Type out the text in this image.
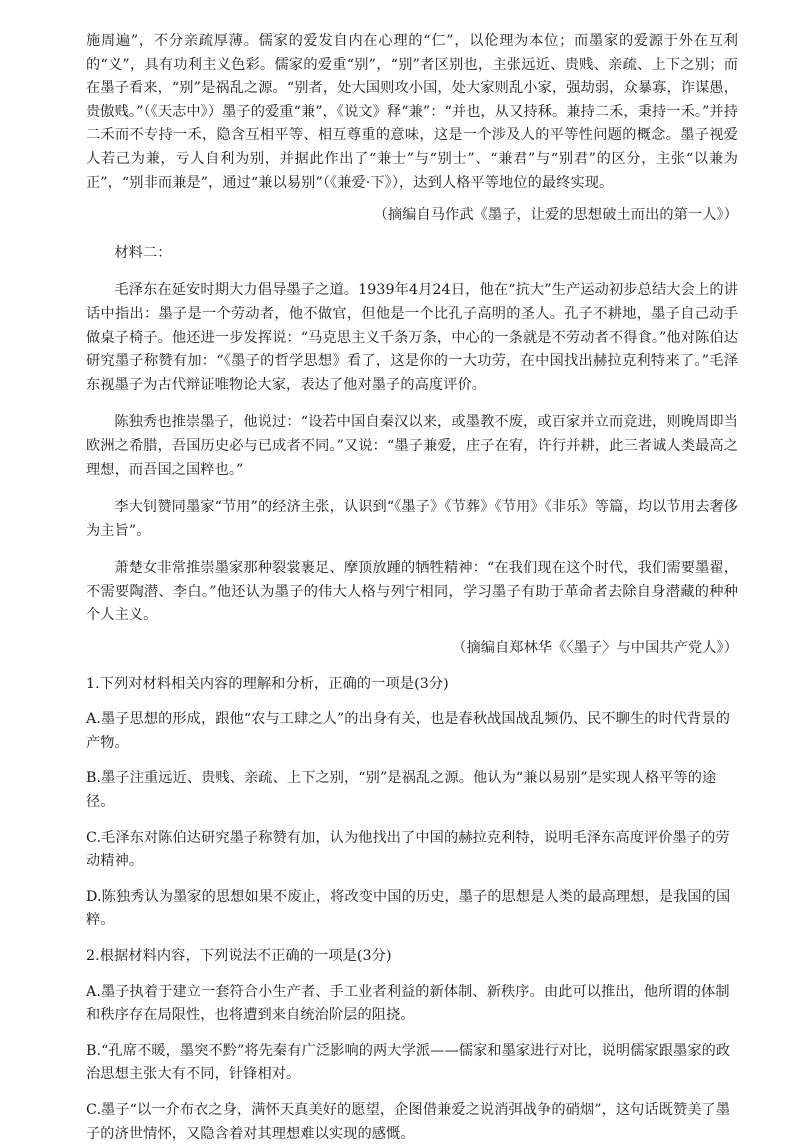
施周遍”，不分亲疏厚薄。儒家的爱发自内在心理的“仁”，以伦理为本位；而墨家的爱源于外在互利的“义”，具有功利主义色彩。儒家的爱重“别”，“别”者区别也，主张远近、贵贱、亲疏、上下之别；而在墨子看来，“别”是祸乱之源。“别者，处大国则攻小国，处大家则乱小家，强劫弱，众暴寡，诈谋愚，贵傲贱。”（《天志中》）墨子的爱重“兼”，《说文》释“兼”：“并也，从又持秝。兼持二禾，秉持一禾。”并持二禾而不专持一禾，隐含互相平等、相互尊重的意味，这是一个涉及人的平等性问题的概念。墨子视爱人若己为兼，亏人自利为别，并据此作出了“兼士”与“别士”、“兼君”与“别君”的区分，主张“以兼为正”，“别非而兼是”，通过“兼以易别”（《兼爱·下》），达到人格平等地位的最终实现。

（摘编自马作武《墨子，让爱的思想破土而出的第一人》）

材料二：

毛泽东在延安时期大力倡导墨子之道。1939年4月24日，他在“抗大”生产运动初步总结大会上的讲话中指出：墨子是一个劳动者，他不做官，但他是一个比孔子高明的圣人。孔子不耕地，墨子自己动手做桌子椅子。他还进一步发挥说：“马克思主义千条万条，中心的一条就是不劳动者不得食。”他对陈伯达研究墨子称赞有加：“《墨子的哲学思想》看了，这是你的一大功劳，在中国找出赫拉克利特来了。”毛泽东视墨子为古代辩证唯物论大家，表达了他对墨子的高度评价。

陈独秀也推崇墨子，他说过：“设若中国自秦汉以来，或墨教不废，或百家并立而竞进，则晚周即当欧洲之希腊，吾国历史必与已成者不同。”又说：“墨子兼爱，庄子在宥，许行并耕，此三者诚人类最高之理想，而吾国之国粹也。”

李大钊赞同墨家“节用”的经济主张，认识到“《墨子》《节葬》《节用》《非乐》等篇，均以节用去奢侈为主旨”。

萧楚女非常推崇墨家那种裂裳裹足、摩顶放踵的牺牲精神：“在我们现在这个时代，我们需要墨翟，不需要陶潜、李白。”他还认为墨子的伟大人格与列宁相同，学习墨子有助于革命者去除自身潜藏的种种个人主义。

（摘编自郑林华《〈墨子〉与中国共产党人》）

1.下列对材料相关内容的理解和分析，正确的一项是(3分)

A.墨子思想的形成，跟他“农与工肆之人”的出身有关，也是春秋战国战乱频仍、民不聊生的时代背景的产物。

B.墨子注重远近、贵贱、亲疏、上下之别，“别”是祸乱之源。他认为“兼以易别”是实现人格平等的途径。

C.毛泽东对陈伯达研究墨子称赞有加，认为他找出了中国的赫拉克利特，说明毛泽东高度评价墨子的劳动精神。

D.陈独秀认为墨家的思想如果不废止，将改变中国的历史，墨子的思想是人类的最高理想，是我国的国粹。

2.根据材料内容，下列说法不正确的一项是(3分)

A.墨子执着于建立一套符合小生产者、手工业者利益的新体制、新秩序。由此可以推出，他所谓的体制和秩序存在局限性，也将遭到来自统治阶层的阻挠。

B.“孔席不暖，墨突不黔”将先秦有广泛影响的两大学派——儒家和墨家进行对比，说明儒家跟墨家的政治思想主张大有不同，针锋相对。

C.墨子“以一介布衣之身，满怀天真美好的愿望，企图借兼爱之说消弭战争的硝烟”，这句话既赞美了墨子的济世情怀，又隐含着对其理想难以实现的感慨。
